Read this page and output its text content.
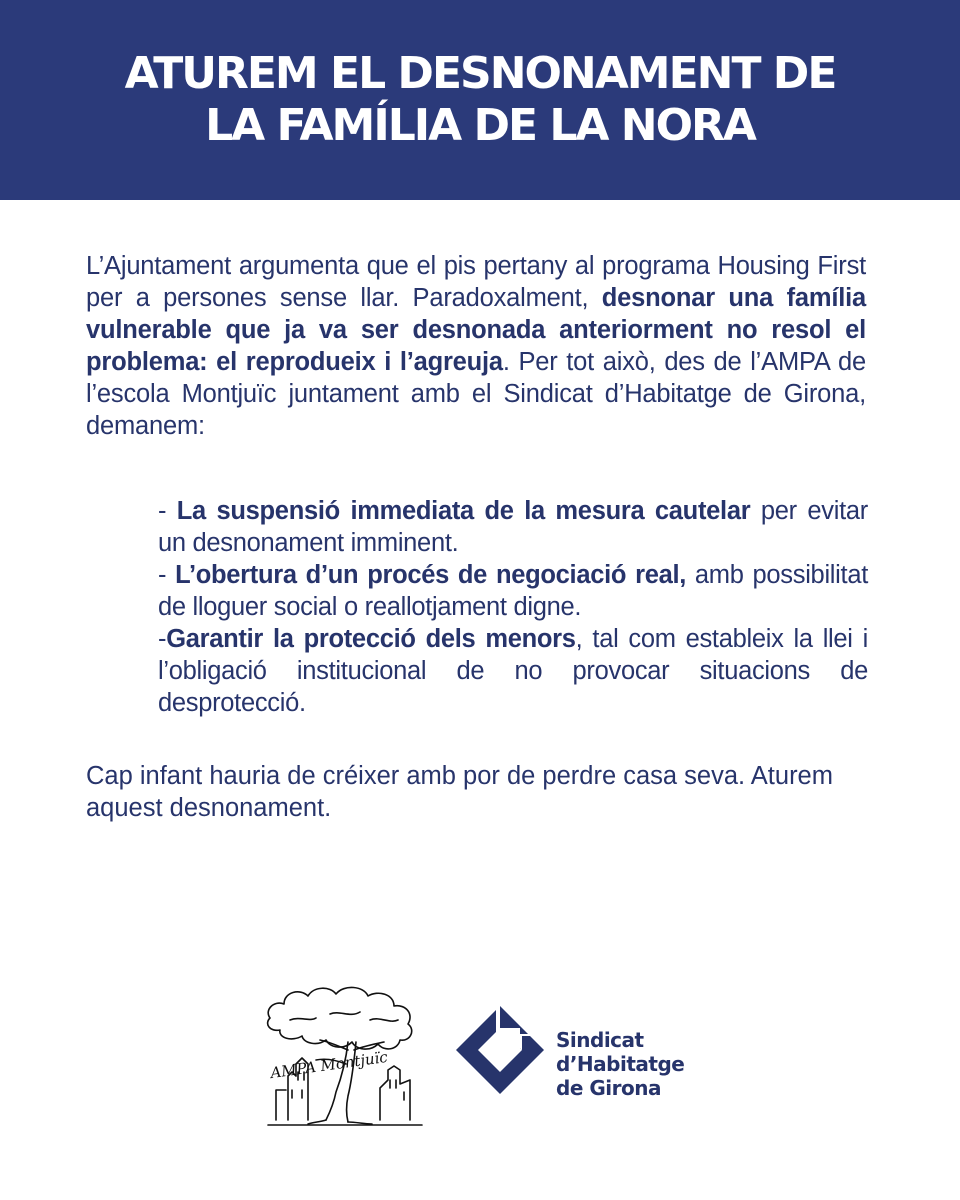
ATUREM EL DESNONAMENT DE
LA FAMÍLIA DE LA NORA

L’Ajuntament argumenta que el pis pertany al programa Housing First per a persones sense llar. Paradoxalment, desnonar una família vulnerable que ja va ser desnonada anteriorment no resol el problema: el reprodueix i l’agreuja. Per tot això, des de l’AMPA de l’escola Montjuïc juntament amb el Sindicat d’Habitatge de Girona, demanem:

- La suspensió immediata de la mesura cautelar per evitar un desnonament imminent.
- L’obertura d’un procés de negociació real, amb possibilitat de lloguer social o reallotjament digne.
-Garantir la protecció dels menors, tal com estableix la llei i l’obligació institucional de no provocar situacions de desprotecció.

Cap infant hauria de créixer amb por de perdre casa seva. Aturem aquest desnonament.

AMPA Montjuïc
Sindicat
d’Habitatge
de Girona
